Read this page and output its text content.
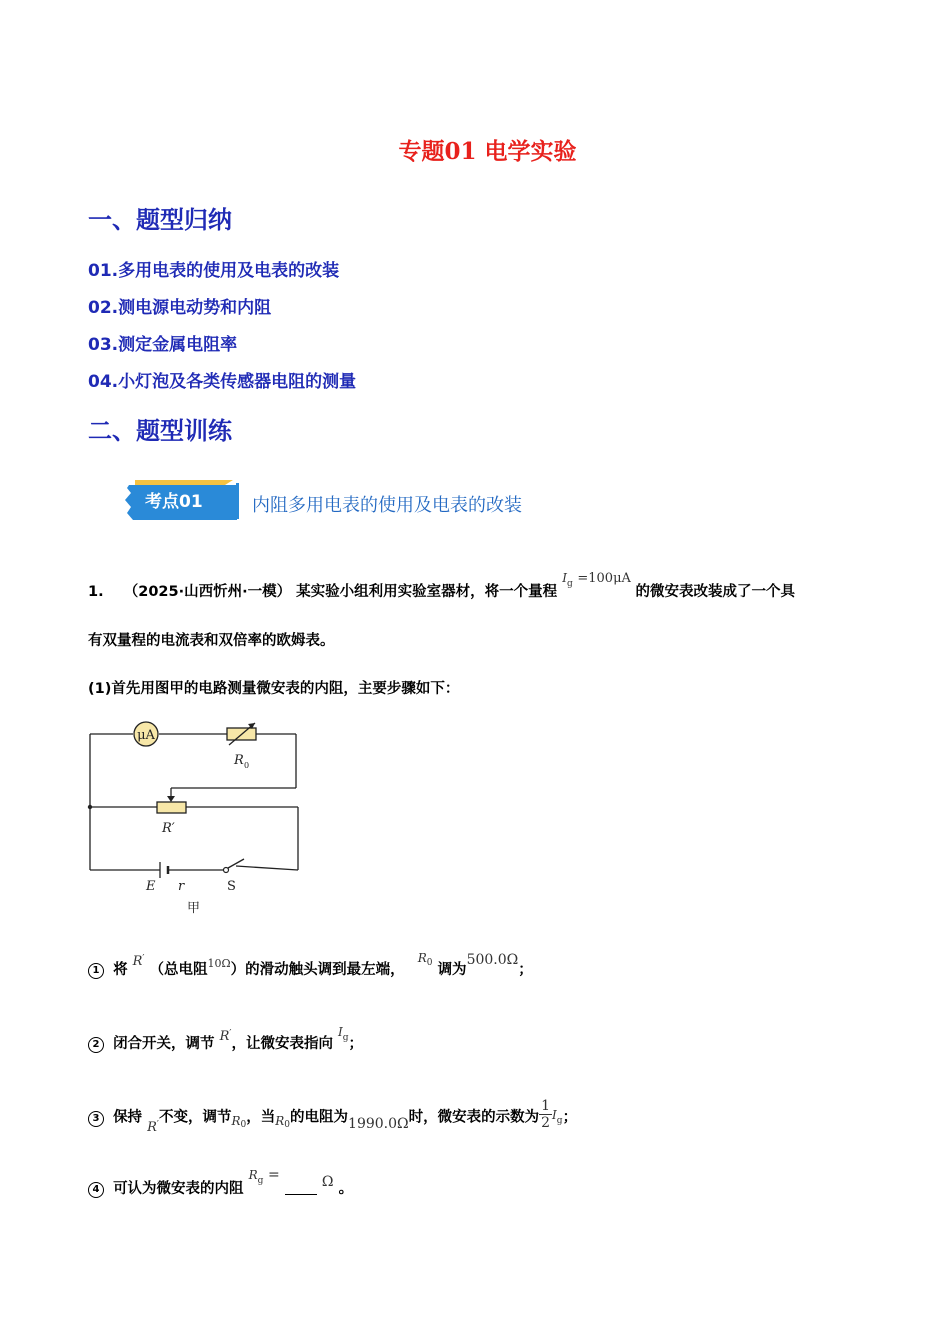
专题01 电学实验
一、题型归纳
01.多用电表的使用及电表的改装
02.测电源电动势和内阻
03.测定金属电阻率
04.小灯泡及各类传感器电阻的测量
二、题型训练
考点01	内阻多用电表的使用及电表的改装
1. （2025·山西忻州·一模） 某实验小组利用实验室器材，将一个量程 $I_g =100\mu A$ 的微安表改装成了一个具
有双量程的电流表和双倍率的欧姆表。
(1)首先用图甲的电路测量微安表的内阻，主要步骤如下：
μA
R 0
R′
E r	S
甲
1 将 R′ （总电阻$^{10\Omega}$）的滑动触头调到最左端， $R_0$ 调为500.0Ω；
2 闭合开关，调节 R′，让微安表指向 $I_g$；
3 保持 R′不变，调节R0，当R0的电阻为1990.0Ω时，微安表的示数为 $\frac{1}{2} I_g$；
4 可认为微安表的内阻 $R_g$ =	Ω 。
